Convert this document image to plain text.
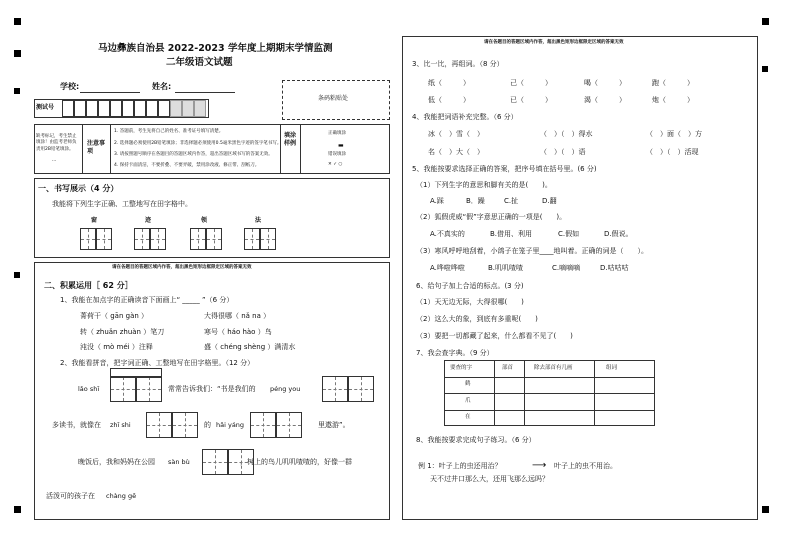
马边彝族自治县 2022-2023 学年度上期期末学情监测
二年级语文试题
学校:	姓名:
测试号
条码粘贴处
缺考标记，考生禁止填涂！由监考老师负责用2B铅笔填涂。
···
注意事项
1. 答题前，考生先将自己的姓名、准考证号填写清楚。
2. 选择题必须使用2B铅笔填涂；非选择题必须使用0.5毫米黑色字迹的签字笔书写。
3. 请按照题号顺序在各题目的答题区域内作答，超出答题区域书写的答案无效。
4. 保持卡面清洁，不要折叠、不要弄破，禁用涂改液、修正带、刮纸刀。
填涂样例
正确填涂
▬
错误填涂
✕ ✓ ○
一、书写展示（4 分）
我能将下列生字正确、工整地写在田字格中。
窗	迹	领	法
请在各题目的答题区域内作答，超出黑色矩形边框限定区域的答案无效
二、积累运用［ 62 分］
1、我能在加点字的正确读音下面画上“ _____ ”（6 分）
菁荷干（ gān gàn ）	大得很哪（ nǎ na ）
转（ zhuǎn zhuàn ）笔刀	寒号（ háo hào ）鸟
沌没（ mò méi ）注释	盛（ chéng shèng ）满清水
2、我能看拼音，把字词正确、工整地写在田字格里。（12 分）
lǎo shī	常常告诉我们：“书是我们的 péng you
多读书，就像在 zhī shi	的 hǎi yáng	里遨游”。
晚饭后，我和妈妈在公园 sàn bù	，树上的鸟儿叽叽喳喳的，好像一群
活泼可的孩子在 chàng gē
请在各题目的答题区域内作答，超出黑色矩形边框限定区域的答案无效
3、比一比，再组词。（8 分）
纸（　　　）	己（　　　）	喝（　　　）	跑（　　　）
低（　　　）	已（　　　）	渴（　　　）	炮（　　　）
4、我能把词语补充完整。（6 分）
冰（　）雪（　）	（　）（　）得水	（　）面（　）方
名（　）大（　）	（　）（　）语	（　）（　）活现
5、我能按要求选择正确的答案，把序号填在括号里。(6 分)
（1）下列生字的意思和脚有关的是(　　)。
A.踩	B．躁	C.扯	D.翻
（2）狐假虎威“假”字意思正确的一项是(　　)。
A.不真实的	B.借用、利用	C.假如	D.假说。
（3）寒风呼呼地刮着，小鸽子在笼子里____地叫着。正确的词是（　　）。
A.哗啦哗啦	B.叽叽喳喳	C.嘀嘀嘀	D.咕咕咕
6、给句子加上合适的标点。(3 分)
（1）天无边无际，大得很哪(　　)
（2）这么大的象，到底有多重呢(　　)
（3）要把一切都藏了起来，什么都看不见了(　　)
7、我会查字典。（9 分）
要查的字	部首	除去部首有几画	组词
鹤
爪
在
8、我能按要求完成句子练习。（6 分）
例 1：叶子上的虫还用治？	⟶ 叶子上的虫不用治。
天不过井口那么大，还用飞那么远吗？
